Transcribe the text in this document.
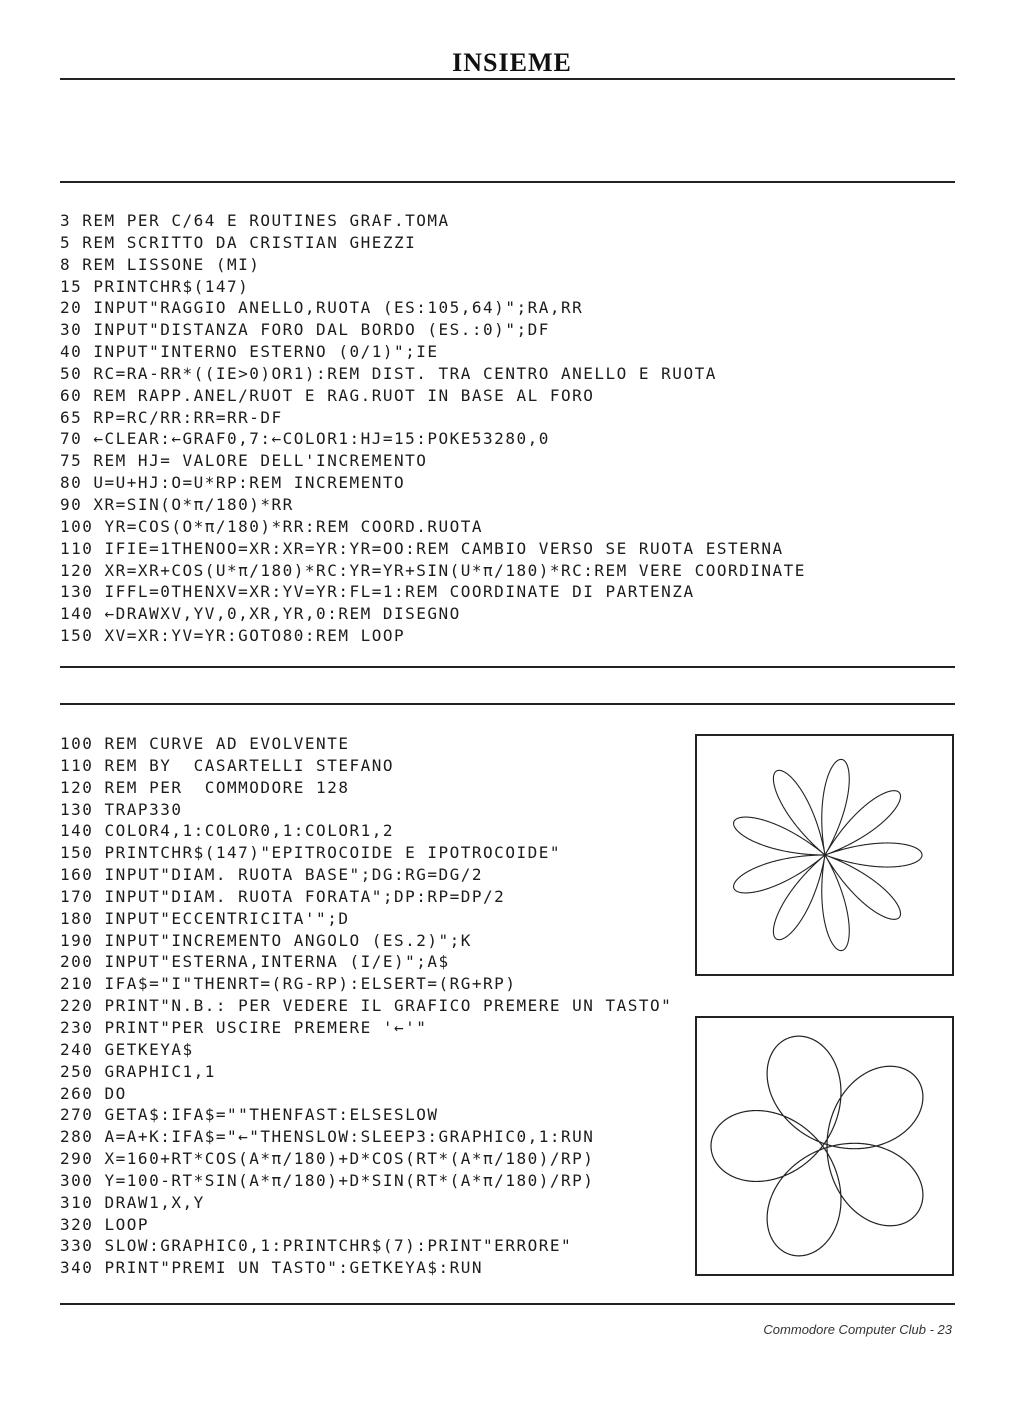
INSIEME
3 REM PER C/64 E ROUTINES GRAF.TOMA
5 REM SCRITTO DA CRISTIAN GHEZZI
8 REM LISSONE (MI)
15 PRINTCHR$(147)
20 INPUT"RAGGIO ANELLO,RUOTA (ES:105,64)";RA,RR
30 INPUT"DISTANZA FORO DAL BORDO (ES.:0)";DF
40 INPUT"INTERNO ESTERNO (0/1)";IE
50 RC=RA-RR*((IE>0)OR1):REM DIST. TRA CENTRO ANELLO E RUOTA
60 REM RAPP.ANEL/RUOT E RAG.RUOT IN BASE AL FORO
65 RP=RC/RR:RR=RR-DF
70 ←CLEAR:←GRAF0,7:←COLOR1:HJ=15:POKE53280,0
75 REM HJ= VALORE DELL'INCREMENTO
80 U=U+HJ:O=U*RP:REM INCREMENTO
90 XR=SIN(O*π/180)*RR
100 YR=COS(O*π/180)*RR:REM COORD.RUOTA
110 IFIE=1THENOO=XR:XR=YR:YR=OO:REM CAMBIO VERSO SE RUOTA ESTERNA
120 XR=XR+COS(U*π/180)*RC:YR=YR+SIN(U*π/180)*RC:REM VERE COORDINATE
130 IFFL=0THENXV=XR:YV=YR:FL=1:REM COORDINATE DI PARTENZA
140 ←DRAWXV,YV,0,XR,YR,0:REM DISEGNO
150 XV=XR:YV=YR:GOTO80:REM LOOP
100 REM CURVE AD EVOLVENTE
110 REM BY  CASARTELLI STEFANO
120 REM PER  COMMODORE 128
130 TRAP330
140 COLOR4,1:COLOR0,1:COLOR1,2
150 PRINTCHR$(147)"EPITROCOIDE E IPOTROCOIDE"
160 INPUT"DIAM. RUOTA BASE";DG:RG=DG/2
170 INPUT"DIAM. RUOTA FORATA";DP:RP=DP/2
180 INPUT"ECCENTRICITA'";D
190 INPUT"INCREMENTO ANGOLO (ES.2)";K
200 INPUT"ESTERNA,INTERNA (I/E)";A$
210 IFA$="I"THENRT=(RG-RP):ELSERT=(RG+RP)
220 PRINT"N.B.: PER VEDERE IL GRAFICO PREMERE UN TASTO"
230 PRINT"PER USCIRE PREMERE '←'"
240 GETKEYA$
250 GRAPHIC1,1
260 DO
270 GETA$:IFA$=""THENFAST:ELSESLOW
280 A=A+K:IFA$="←"THENSLOW:SLEEP3:GRAPHIC0,1:RUN
290 X=160+RT*COS(A*π/180)+D*COS(RT*(A*π/180)/RP)
300 Y=100-RT*SIN(A*π/180)+D*SIN(RT*(A*π/180)/RP)
310 DRAW1,X,Y
320 LOOP
330 SLOW:GRAPHIC0,1:PRINTCHR$(7):PRINT"ERRORE"
340 PRINT"PREMI UN TASTO":GETKEYA$:RUN
Commodore Computer Club - 23
